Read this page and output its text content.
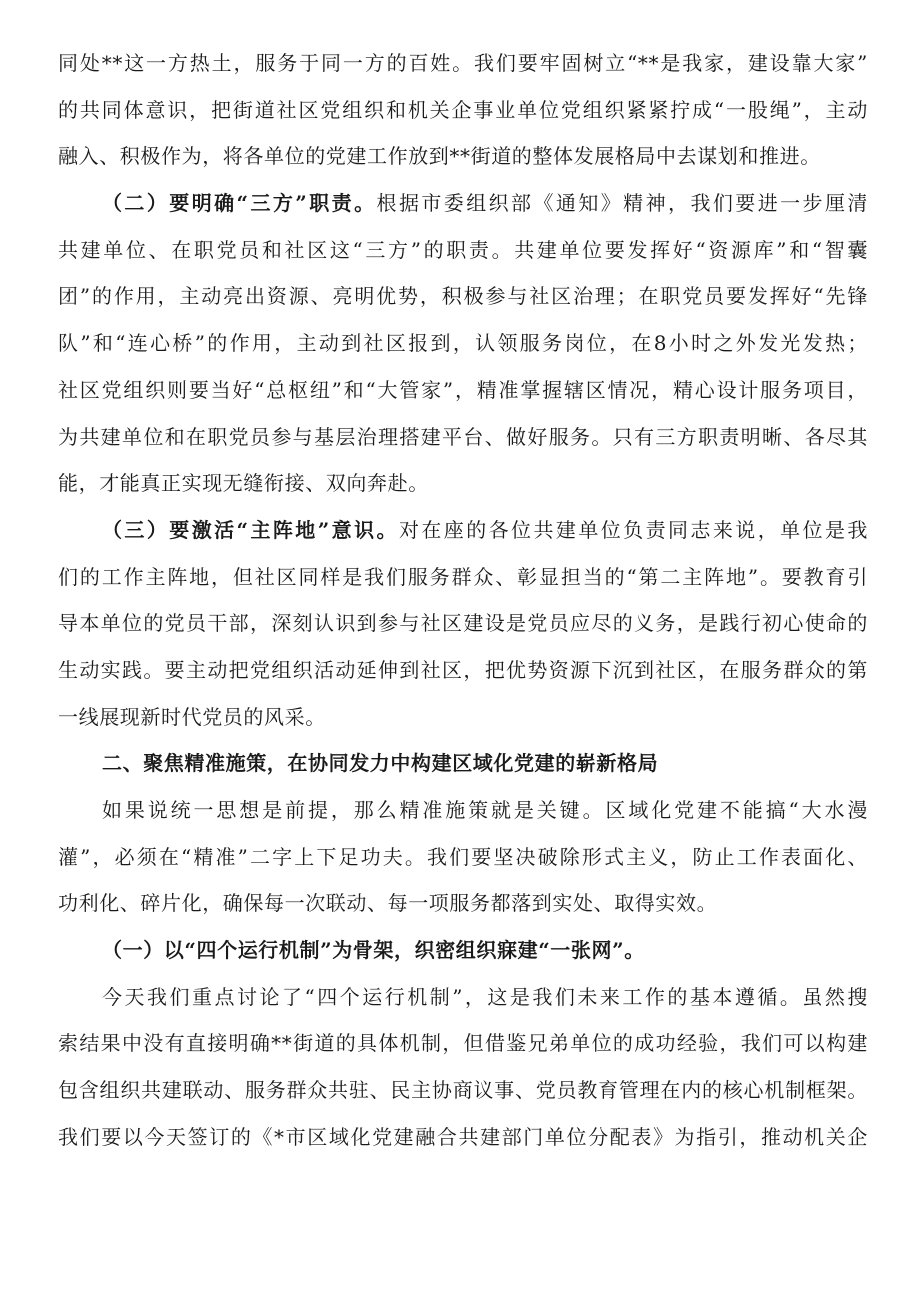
同处**这一方热土，服务于同一方的百姓。我们要牢固树立“**是我家，建设靠大家”
的共同体意识，把街道社区党组织和机关企事业单位党组织紧紧拧成“一股绳”，主动
融入、积极作为，将各单位的党建工作放到**街道的整体发展格局中去谋划和推进。
（二）要明确“三方”职责。根据市委组织部《通知》精神，我们要进一步厘清
共建单位、在职党员和社区这“三方”的职责。共建单位要发挥好“资源库”和“智囊
团”的作用，主动亮出资源、亮明优势，积极参与社区治理；在职党员要发挥好“先锋
队”和“连心桥”的作用，主动到社区报到，认领服务岗位，在8小时之外发光发热；
社区党组织则要当好“总枢纽”和“大管家”，精准掌握辖区情况，精心设计服务项目，
为共建单位和在职党员参与基层治理搭建平台、做好服务。只有三方职责明晰、各尽其
能，才能真正实现无缝衔接、双向奔赴。
（三）要激活“主阵地”意识。对在座的各位共建单位负责同志来说，单位是我
们的工作主阵地，但社区同样是我们服务群众、彰显担当的“第二主阵地”。要教育引
导本单位的党员干部，深刻认识到参与社区建设是党员应尽的义务，是践行初心使命的
生动实践。要主动把党组织活动延伸到社区，把优势资源下沉到社区，在服务群众的第
一线展现新时代党员的风采。
二、聚焦精准施策，在协同发力中构建区域化党建的崭新格局
如果说统一思想是前提，那么精准施策就是关键。区域化党建不能搞“大水漫
灌”，必须在“精准”二字上下足功夫。我们要坚决破除形式主义，防止工作表面化、
功利化、碎片化，确保每一次联动、每一项服务都落到实处、取得实效。
（一）以“四个运行机制”为骨架，织密组织寐建“一张网”。
今天我们重点讨论了“四个运行机制”，这是我们未来工作的基本遵循。虽然搜
索结果中没有直接明确**街道的具体机制，但借鉴兄弟单位的成功经验，我们可以构建
包含组织共建联动、服务群众共驻、民主协商议事、党员教育管理在内的核心机制框架。
我们要以今天签订的《*市区域化党建融合共建部门单位分配表》为指引，推动机关企
